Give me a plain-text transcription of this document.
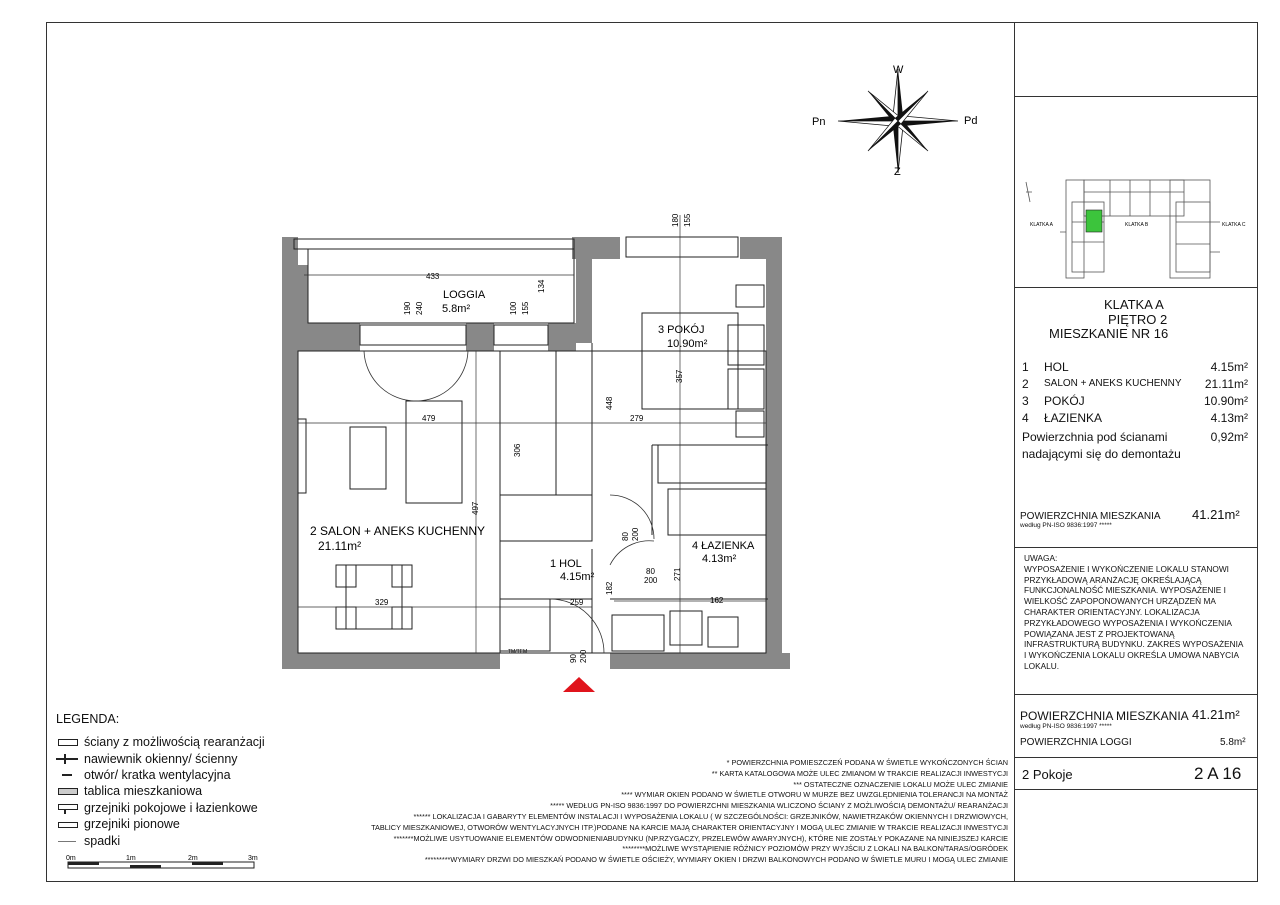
W
Z
Pn	Pd
KLATKA A	KLATKA B	KLATKA C
KLATKA A
PIĘTRO 2
MIESZKANIE NR 16
1	HOL	4.15m²
2	SALON + ANEKS KUCHENNY	21.11m²
3	POKÓJ	10.90m²
4	ŁAZIENKA	4.13m²
Powierzchnia pod ścianami	0,92m²
nadającymi się do demontażu
POWIERZCHNIA MIESZKANIA
według PN-ISO 9836:1997 *****
41.21m²
UWAGA:
WYPOSAŻENIE I WYKOŃCZENIE LOKALU STANOWI
PRZYKŁADOWĄ ARANŻACJĘ OKREŚLAJĄCĄ
FUNKCJONALNOŚĆ MIESZKANIA. WYPOSAŻENIE I
WIELKOŚĆ ZAPOPONOWANYCH URZĄDZEŃ MA
CHARAKTER ORIENTACYJNY. LOKALIZACJA
PRZYKŁADOWEGO WYPOSAŻENIA I WYKOŃCZENIA
POWIĄZANA JEST Z PROJEKTOWANĄ
INFRASTRUKTURĄ BUDYNKU. ZAKRES WYPOSAŻENIA
I WYKOŃCZENIA LOKALU OKREŚLA UMOWA NABYCIA
LOKALU.
POWIERZCHNIA MIESZKANIA 41.21m²
według PN-ISO 9836:1997 *****
POWIERZCHNIA LOGGI	5.8m²
2 Pokoje	2 A 16
433
479	279
329	259	162
357
448
306
497
190 240	100 155
134
180 155
80 200
80
200 271
182
90 200
LOGGIA
5.8m²
2 SALON + ANEKS KUCHENNY
21.11m²
1 HOL
4.15m²
3 POKÓJ
10.90m²
4 ŁAZIENKA
4.13m²
TM/TEM
LEGENDA:
ściany z możliwością rearanżacji
nawiewnik okienny/ ścienny
otwór/ kratka wentylacyjna
tablica mieszkaniowa
grzejniki pokojowe i łazienkowe
grzejniki pionowe
spadki
0m	1m	2m	3m
* POWIERZCHNIA POMIESZCZEŃ PODANA W ŚWIETLE WYKOŃCZONYCH ŚCIAN
** KARTA KATALOGOWA MOŻE ULEC ZMIANOM W TRAKCIE REALIZACJI INWESTYCJI
*** OSTATECZNE OZNACZENIE LOKALU MOŻE ULEC ZMIANIE
**** WYMIAR OKIEN PODANO W ŚWIETLE OTWORU W MURZE BEZ UWZGLĘDNIENIA TOLERANCJI NA MONTAŻ
***** WEDŁUG PN-ISO 9836:1997 DO POWIERZCHNI MIESZKANIA WLICZONO ŚCIANY Z MOŻLIWOŚCIĄ DEMONTAŻU/ REARANŻACJI
****** LOKALIZACJA I GABARYTY ELEMENTÓW INSTALACJI I WYPOSAŻENIA LOKALU ( W SZCZEGÓLNOŚCI: GRZEJNIKÓW, NAWIETRZAKÓW OKIENNYCH I DRZWIOWYCH,
TABLICY MIESZKANIOWEJ, OTWORÓW WENTYLACYJNYCH ITP.)PODANE NA KARCIE MAJĄ CHARAKTER ORIENTACYJNY I MOGĄ ULEC ZMIANIE W TRAKCIE REALIZACJI INWESTYCJI
*******MOŻLIWE USYTUOWANIE ELEMENTÓW ODWODNIENIABUDYNKU (NP.RZYGACZY, PRZELEWÓW AWARYJNYCH), KTÓRE NIE ZOSTAŁY POKAZANE NA NINIEJSZEJ KARCIE
********MOŻLIWE WYSTĄPIENIE RÓŻNICY POZIOMÓW PRZY WYJŚCIU Z LOKALI NA BALKON/TARAS/OGRÓDEK
*********WYMIARY DRZWI DO MIESZKAŃ PODANO W ŚWIETLE OŚCIEŻY, WYMIARY OKIEN I DRZWI BALKONOWYCH PODANO W ŚWIETLE MURU I MOGĄ ULEC ZMIANIE
